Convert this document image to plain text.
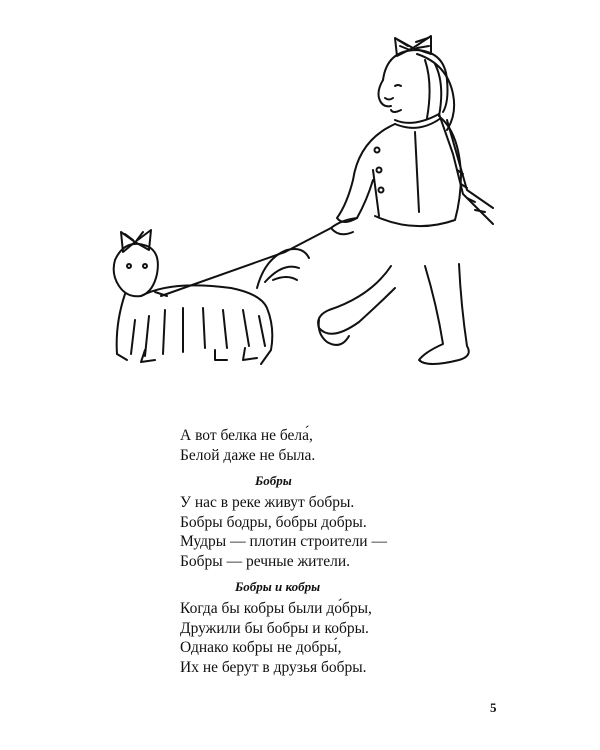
А вот белка не бела́,
Белой даже не была.
Бобры
У нас в реке живут бобры.
Бобры бодры, бобры добры.
Мудры — плотин строители —
Бобры — речные жители.
Бобры и кобры
Когда бы кобры были до́бры,
Дружили бы бобры и кобры.
Однако кобры не добры́,
Их не берут в друзья бобры.
5
